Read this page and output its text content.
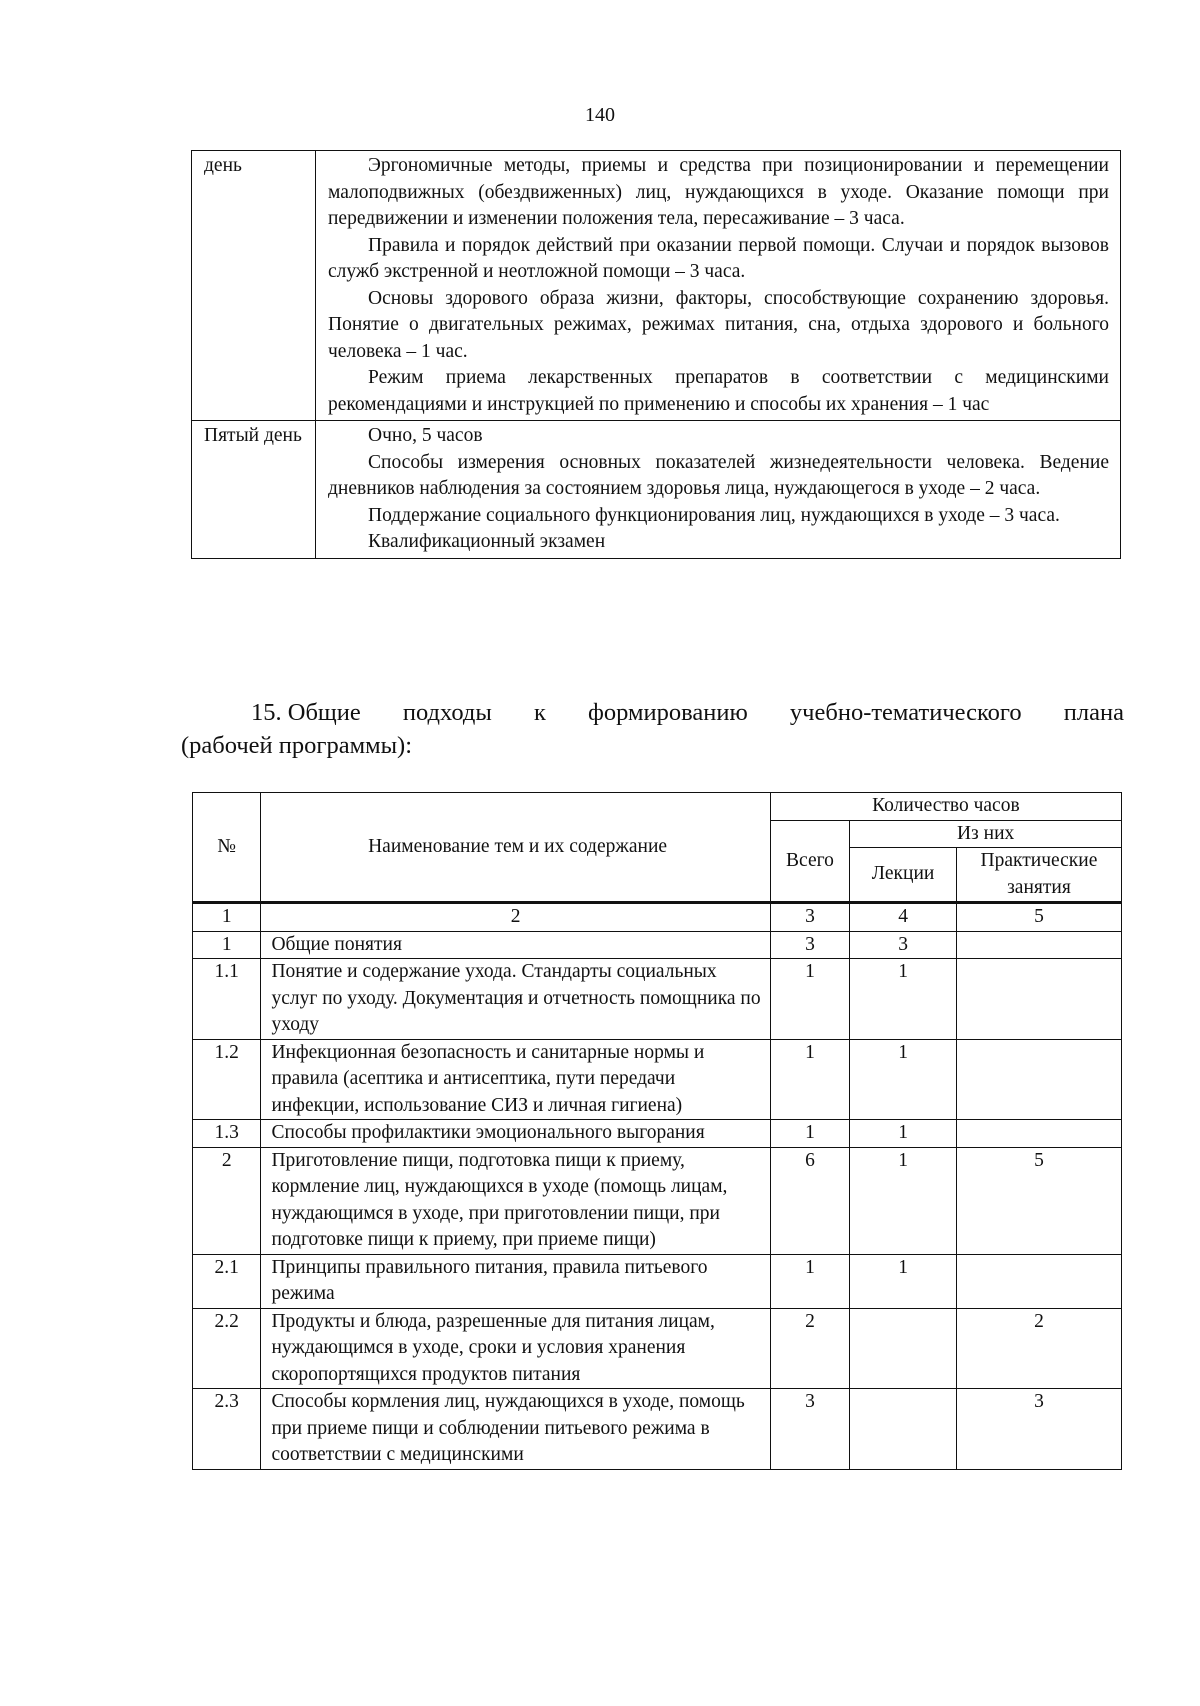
140
день	Эргономичные методы, приемы и средства при позиционировании и перемещении малоподвижных (обездвиженных) лиц, нуждающихся в уходе. Оказание помощи при передвижении и изменении положения тела, пересаживание – 3 часа.

Правила и порядок действий при оказании первой помощи. Случаи и порядок вызовов служб экстренной и неотложной помощи – 3 часа.

Основы здорового образа жизни, факторы, способствующие сохранению здоровья. Понятие о двигательных режимах, режимах питания, сна, отдыха здорового и больного человека – 1 час.

Режим приема лекарственных препаратов в соответствии с медицинскими рекомендациями и инструкцией по применению и способы их хранения – 1 час

Пятый день	Очно, 5 часов

Способы измерения основных показателей жизнедеятельности человека. Ведение дневников наблюдения за состоянием здоровья лица, нуждающегося в уходе – 2 часа.

Поддержание социального функционирования лиц, нуждающихся в уходе – 3 часа.

Квалификационный экзамен

15. Общие подходы к формированию учебно-тематического плана
(рабочей программы):
№	Наименование тем и их содержание	Количество часов		
		Всего	Из них	
			Лекции	Практические занятия
1	2	3	4	5
1	Общие понятия	3	3	
1.1	Понятие и содержание ухода. Стандарты социальных услуг по уходу. Документация и отчетность помощника по уходу	1	1	
1.2	Инфекционная безопасность и санитарные нормы и правила (асептика и антисептика, пути передачи инфекции, использование СИЗ и личная гигиена)	1	1	
1.3	Способы профилактики эмоционального выгорания	1	1	
2	Приготовление пищи, подготовка пищи к приему, кормление лиц, нуждающихся в уходе (помощь лицам, нуждающимся в уходе, при приготовлении пищи, при подготовке пищи к приему, при приеме пищи)	6	1	5
2.1	Принципы правильного питания, правила питьевого режима	1	1	
2.2	Продукты и блюда, разрешенные для питания лицам, нуждающимся в уходе, сроки и условия хранения скоропортящихся продуктов питания	2		2
2.3	Способы кормления лиц, нуждающихся в уходе, помощь при приеме пищи и соблюдении питьевого режима в соответствии с медицинскими	3		3
